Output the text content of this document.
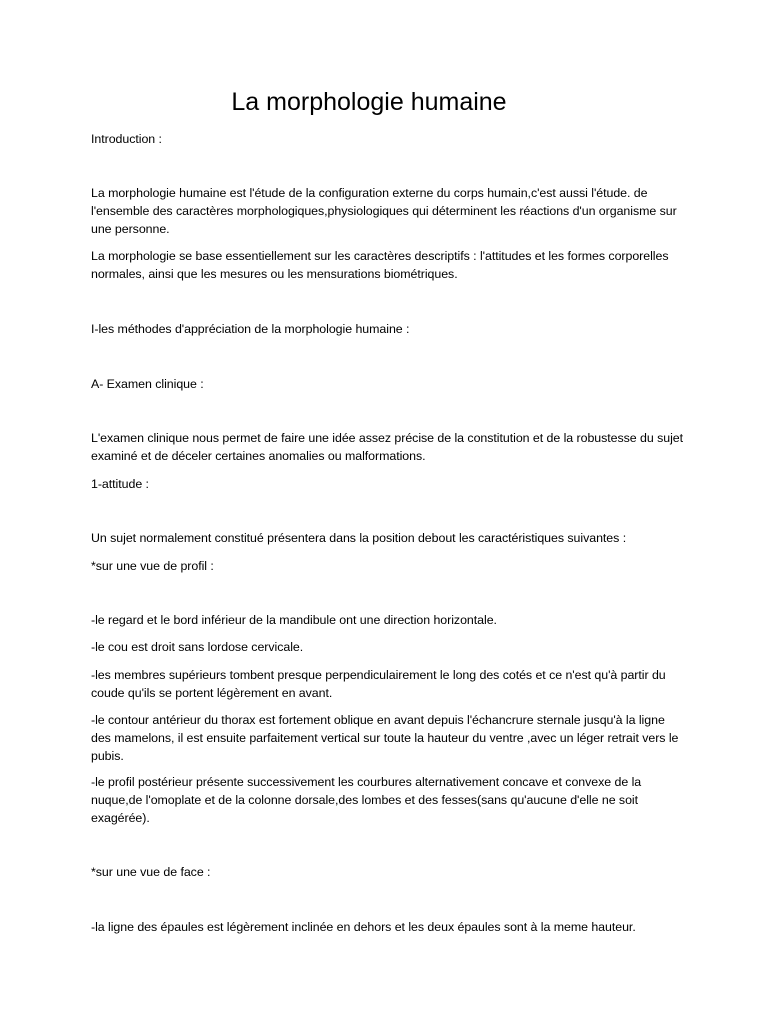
La morphologie humaine

Introduction :

La morphologie humaine est l'étude de la configuration externe du corps humain,c'est aussi l'étude. de l'ensemble des caractères morphologiques,physiologiques qui déterminent les réactions d'un organisme sur une personne.

La morphologie se base essentiellement sur les caractères descriptifs : l'attitudes et les formes corporelles normales, ainsi que les mesures ou les mensurations biométriques.

I-les méthodes d'appréciation de la morphologie humaine :

A- Examen clinique :

L'examen clinique nous permet de faire une idée assez précise de la constitution et de la robustesse du sujet examiné et de déceler certaines anomalies ou malformations.

1-attitude :

Un sujet normalement constitué présentera dans la position debout les caractéristiques suivantes :

*sur une vue de profil :

-le regard et le bord inférieur de la mandibule ont une direction horizontale.

-le cou est droit sans lordose cervicale.

-les membres supérieurs tombent presque perpendiculairement le long des cotés et ce n'est qu'à partir du coude qu'ils se portent légèrement en avant.

-le contour antérieur du thorax est fortement oblique en avant depuis l'échancrure sternale jusqu'à la ligne des mamelons, il est ensuite parfaitement vertical sur toute la hauteur du ventre ,avec un léger retrait vers le pubis.

-le profil postérieur présente successivement les courbures alternativement concave et convexe de la nuque,de l'omoplate et de la colonne dorsale,des lombes et des fesses(sans qu'aucune d'elle ne soit exagérée).

*sur une vue de face :

-la ligne des épaules est légèrement inclinée en dehors et les deux épaules sont à la meme hauteur.
